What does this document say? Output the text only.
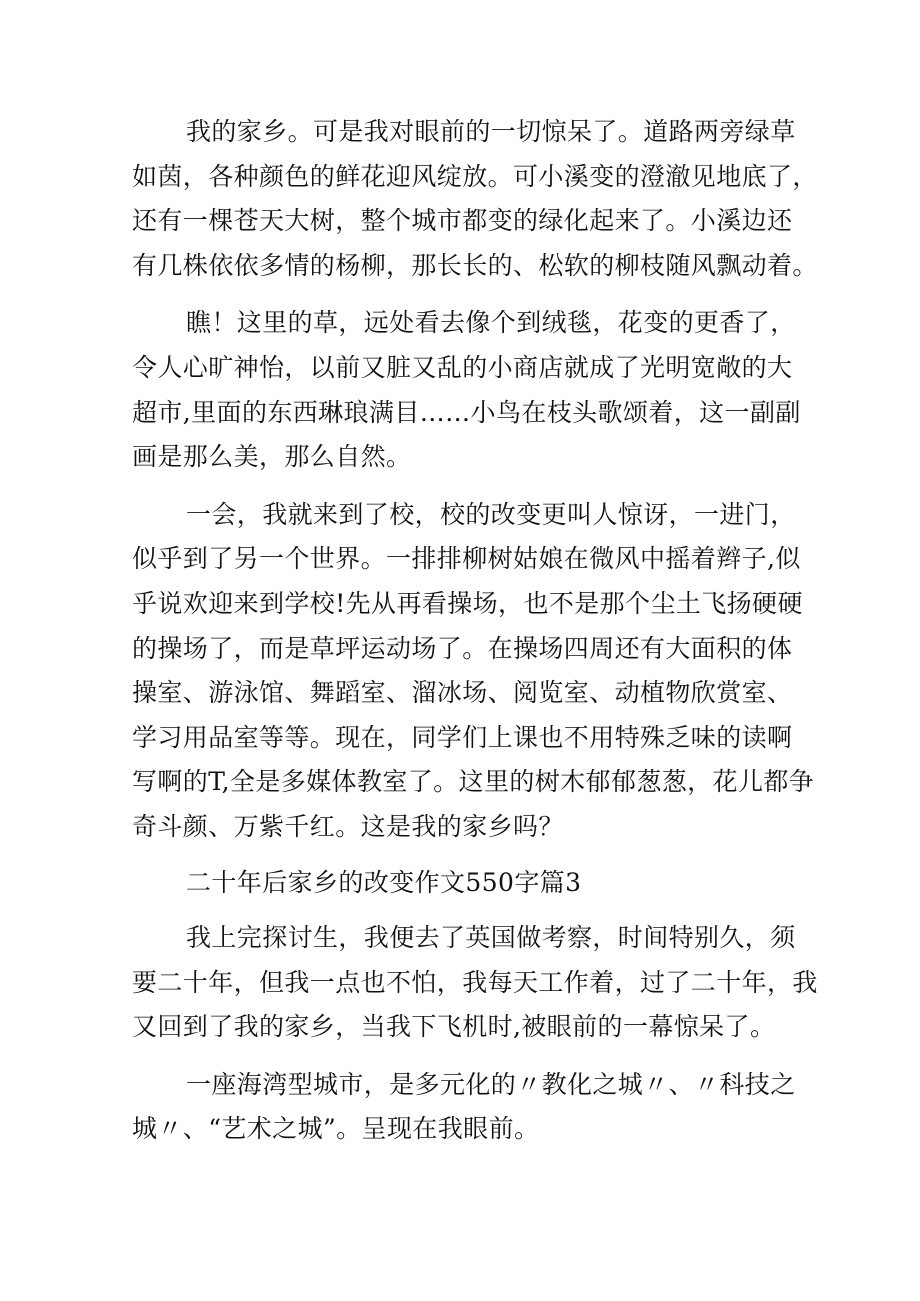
我的家乡。可是我对眼前的一切惊呆了。道路两旁绿草
如茵，各种颜色的鲜花迎风绽放。可小溪变的澄澈见地底了，
还有一棵苍天大树，整个城市都变的绿化起来了。小溪边还
有几株依依多情的杨柳，那长长的、松软的柳枝随风飘动着。
瞧！这里的草，远处看去像个到绒毯，花变的更香了，
令人心旷神怡，以前又脏又乱的小商店就成了光明宽敞的大
超市,里面的东西琳琅满目……小鸟在枝头歌颂着，这一副副
画是那么美，那么自然。
一会，我就来到了校，校的改变更叫人惊讶，一进门，
似乎到了另一个世界。一排排柳树姑娘在微风中摇着辫子,似
乎说欢迎来到学校!先从再看操场，也不是那个尘土飞扬硬硬
的操场了，而是草坪运动场了。在操场四周还有大面积的体
操室、游泳馆、舞蹈室、溜冰场、阅览室、动植物欣赏室、
学习用品室等等。现在，同学们上课也不用特殊乏味的读啊
写啊的T,全是多媒体教室了。这里的树木郁郁葱葱，花儿都争
奇斗颜、万紫千红。这是我的家乡吗？
二十年后家乡的改变作文550字篇3
我上完探讨生，我便去了英国做考察，时间特别久，须
要二十年，但我一点也不怕，我每天工作着，过了二十年，我
又回到了我的家乡，当我下飞机时,被眼前的一幕惊呆了。
一座海湾型城市，是多元化的〃教化之城〃、〃科技之
城〃、“艺术之城”。呈现在我眼前。
